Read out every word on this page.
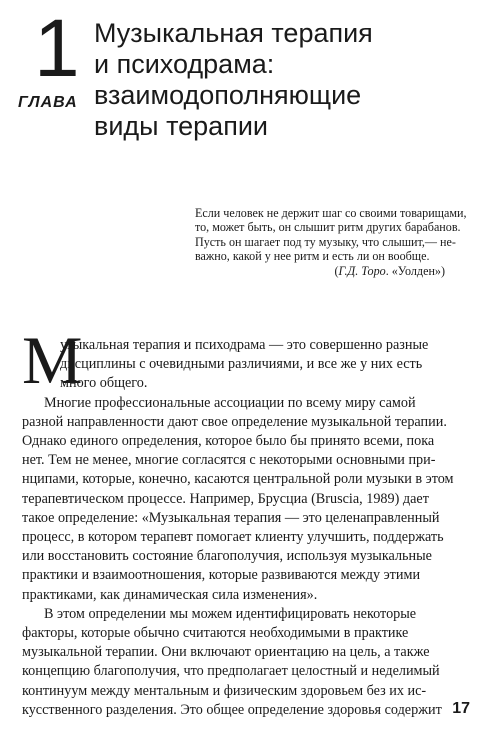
1
ГЛАВА
Музыкальная терапия
и психодрама:
взаимодополняющие
виды терапии
Если человек не держит шаг со своими товарищами,
то, может быть, он слышит ритм других барабанов.
Пусть он шагает под ту музыку, что слышит,— не-
важно, какой у нее ритм и есть ли он вообще.
(Г.Д. Торо. «Уолден»)
М
узыкальная терапия и психодрама — это совершенно разные
дисциплины с очевидными различиями, и все же у них есть
много общего.
Многие профессиональные ассоциации по всему миру самой
разной направленности дают свое определение музыкальной терапии.
Однако единого определения, которое было бы принято всеми, пока
нет. Тем не менее, многие согласятся с некоторыми основными при-
нципами, которые, конечно, касаются центральной роли музыки в этом
терапевтическом процессе. Например, Брусциа (Bruscia, 1989) дает
такое определение: «Музыкальная терапия — это целенаправленный
процесс, в котором терапевт помогает клиенту улучшить, поддержать
или восстановить состояние благополучия, используя музыкальные
практики и взаимоотношения, которые развиваются между этими
практиками, как динамическая сила изменения».
В этом определении мы можем идентифицировать некоторые
факторы, которые обычно считаются необходимыми в практике
музыкальной терапии. Они включают ориентацию на цель, а также
концепцию благополучия, что предполагает целостный и неделимый
континуум между ментальным и физическим здоровьем без их ис-
кусственного разделения. Это общее определение здоровья содержит 17
